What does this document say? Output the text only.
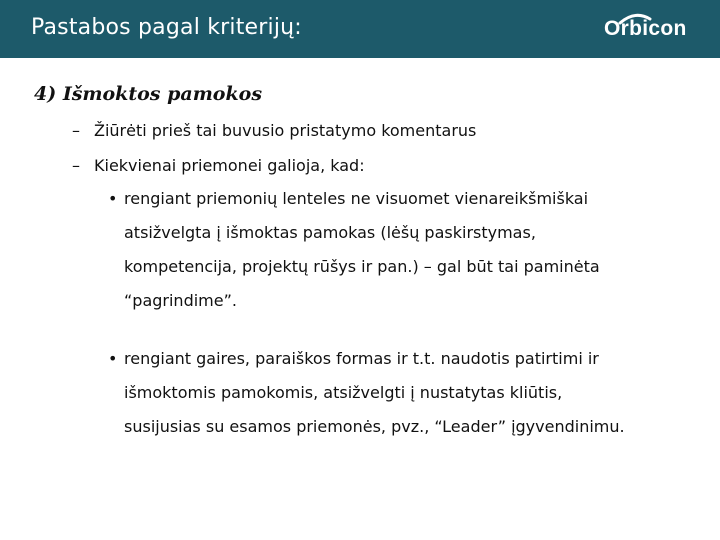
Pastabos pagal kriterijų:	Orbicon
4) Išmoktos pamokos
– Žiūrėti prieš tai buvusio pristatymo komentarus
– Kiekvienai priemonei galioja, kad:
• rengiant priemonių lenteles ne visuomet vienareikšmiškai
atsižvelgta į išmoktas pamokas (lėšų paskirstymas,
kompetencija, projektų rūšys ir pan.) – gal būt tai paminėta
“pagrindime”.
• rengiant gaires, paraiškos formas ir t.t. naudotis patirtimi ir
išmoktomis pamokomis, atsižvelgti į nustatytas kliūtis,
susijusias su esamos priemonės, pvz., “Leader” įgyvendinimu.
